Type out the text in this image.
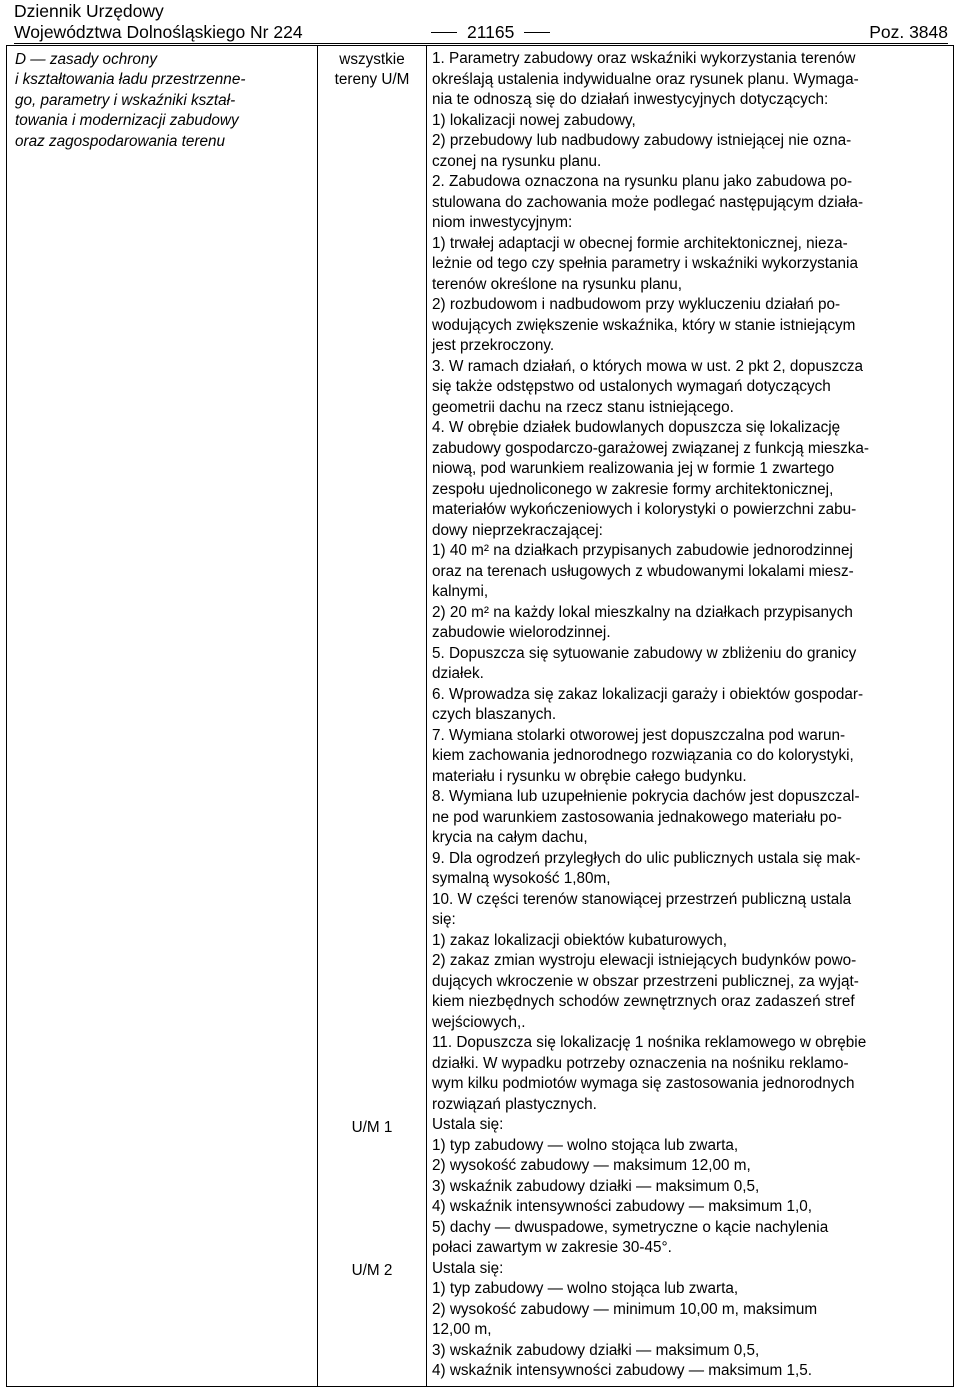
Dziennik Urzędowy
Województwa Dolnośląskiego Nr 224	21165	Poz. 3848
D — zasady ochrony
i kształtowania ładu przestrzenne-
go, parametry i wskaźniki kształ-
towania i modernizacji zabudowy
oraz zagospodarowania terenu
wszystkie
tereny U/M
U/M 1
U/M 2
1. Parametry zabudowy oraz wskaźniki wykorzystania terenów
określają ustalenia indywidualne oraz rysunek planu. Wymaga-
nia te odnoszą się do działań inwestycyjnych dotyczących:
1) lokalizacji nowej zabudowy,
2) przebudowy lub nadbudowy zabudowy istniejącej nie ozna-
czonej na rysunku planu.
2. Zabudowa oznaczona na rysunku planu jako zabudowa po-
stulowana do zachowania może podlegać następującym działa-
niom inwestycyjnym:
1) trwałej adaptacji w obecnej formie architektonicznej, nieza-
leżnie od tego czy spełnia parametry i wskaźniki wykorzystania
terenów określone na rysunku planu,
2) rozbudowom i nadbudowom przy wykluczeniu działań po-
wodujących zwiększenie wskaźnika, który w stanie istniejącym
jest przekroczony.
3. W ramach działań, o których mowa w ust. 2 pkt 2, dopuszcza
się także odstępstwo od ustalonych wymagań dotyczących
geometrii dachu na rzecz stanu istniejącego.
4. W obrębie działek budowlanych dopuszcza się lokalizację
zabudowy gospodarczo-garażowej związanej z funkcją mieszka-
niową, pod warunkiem realizowania jej w formie 1 zwartego
zespołu ujednoliconego w zakresie formy architektonicznej,
materiałów wykończeniowych i kolorystyki o powierzchni zabu-
dowy nieprzekraczającej:
1) 40 m² na działkach przypisanych zabudowie jednorodzinnej
oraz na terenach usługowych z wbudowanymi lokalami miesz-
kalnymi,
2) 20 m² na każdy lokal mieszkalny na działkach przypisanych
zabudowie wielorodzinnej.
5. Dopuszcza się sytuowanie zabudowy w zbliżeniu do granicy
działek.
6. Wprowadza się zakaz lokalizacji garaży i obiektów gospodar-
czych blaszanych.
7. Wymiana stolarki otworowej jest dopuszczalna pod warun-
kiem zachowania jednorodnego rozwiązania co do kolorystyki,
materiału i rysunku w obrębie całego budynku.
8. Wymiana lub uzupełnienie pokrycia dachów jest dopuszczal-
ne pod warunkiem zastosowania jednakowego materiału po-
krycia na całym dachu,
9. Dla ogrodzeń przyległych do ulic publicznych ustala się mak-
symalną wysokość 1,80m,
10. W części terenów stanowiącej przestrzeń publiczną ustala
się:
1) zakaz lokalizacji obiektów kubaturowych,
2) zakaz zmian wystroju elewacji istniejących budynków powo-
dujących wkroczenie w obszar przestrzeni publicznej, za wyjąt-
kiem niezbędnych schodów zewnętrznych oraz zadaszeń stref
wejściowych,.
11. Dopuszcza się lokalizację 1 nośnika reklamowego w obrębie
działki. W wypadku potrzeby oznaczenia na nośniku reklamo-
wym kilku podmiotów wymaga się zastosowania jednorodnych
rozwiązań plastycznych.
Ustala się:
1) typ zabudowy — wolno stojąca lub zwarta,
2) wysokość zabudowy — maksimum 12,00 m,
3) wskaźnik zabudowy działki — maksimum 0,5,
4) wskaźnik intensywności zabudowy — maksimum 1,0,
5) dachy — dwuspadowe, symetryczne o kącie nachylenia
połaci zawartym w zakresie 30-45°.
Ustala się:
1) typ zabudowy — wolno stojąca lub zwarta,
2) wysokość zabudowy — minimum 10,00 m, maksimum
12,00 m,
3) wskaźnik zabudowy działki — maksimum 0,5,
4) wskaźnik intensywności zabudowy — maksimum 1,5.
